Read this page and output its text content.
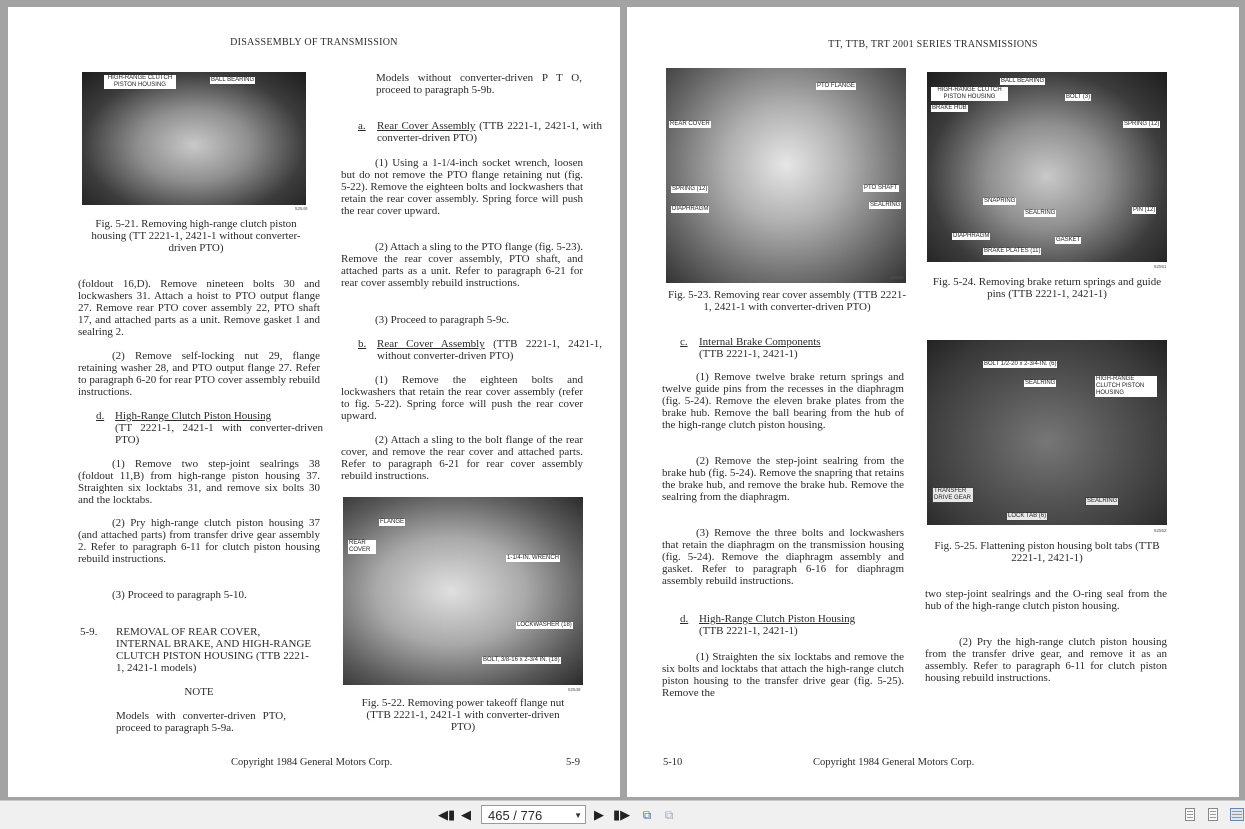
DISASSEMBLY OF TRANSMISSION
HIGH-RANGE CLUTCH PISTON HOUSING
BALL BEARING
52549
Fig. 5-21. Removing high-range clutch piston housing (TT 2221-1, 2421-1 without converter-driven PTO)
(foldout 16,D). Remove nineteen bolts 30 and lockwashers 31. Attach a hoist to PTO output flange 27. Remove rear PTO cover assembly 22, PTO shaft 17, and attached parts as a unit. Remove gasket 1 and sealring 2.
(2) Remove self-locking nut 29, flange retaining washer 28, and PTO output flange 27. Refer to paragraph 6-20 for rear PTO cover assembly rebuild instructions.
d. High-Range Clutch Piston Housing
(TT 2221-1, 2421-1 with converter-driven PTO)
(1) Remove two step-joint sealrings 38 (foldout 11,B) from high-range piston housing 37. Straighten six locktabs 31, and remove six bolts 30 and the locktabs.
(2) Pry high-range clutch piston housing 37 (and attached parts) from transfer drive gear assembly 2. Refer to paragraph 6-11 for clutch piston housing rebuild instructions.
(3) Proceed to paragraph 5-10.
5-9.	REMOVAL OF REAR COVER, INTERNAL BRAKE, AND HIGH-RANGE CLUTCH PISTON HOUSING (TTB 2221-1, 2421-1 models)
NOTE
Models with converter-driven PTO, proceed to paragraph 5-9a.
Models without converter-driven P T O, proceed to paragraph 5-9b.
a. Rear Cover Assembly (TTB 2221-1, 2421-1, with converter-driven PTO)
(1) Using a 1-1/4-inch socket wrench, loosen but do not remove the PTO flange retaining nut (fig. 5-22). Remove the eighteen bolts and lockwashers that retain the rear cover assembly. Spring force will push the rear cover upward.
(2) Attach a sling to the PTO flange (fig. 5-23). Remove the rear cover assembly, PTO shaft, and attached parts as a unit. Refer to paragraph 6-21 for rear cover assembly rebuild instructions.
(3) Proceed to paragraph 5-9c.
b. Rear Cover Assembly (TTB 2221-1, 2421-1, without converter-driven PTO)
(1) Remove the eighteen bolts and lockwashers that retain the rear cover assembly (refer to fig. 5-22). Spring force will push the rear cover upward.
(2) Attach a sling to the bolt flange of the rear cover, and remove the rear cover and attached parts. Refer to paragraph 6-21 for rear cover assembly rebuild instructions.
FLANGE
REAR COVER
1-1/4-IN. WRENCH
LOCKWASHER (18)
BOLT, 3/8-16 x 2-3/4 IN. (18)
52548
Fig. 5-22. Removing power takeoff flange nut (TTB 2221-1, 2421-1 with converter-driven PTO)
Copyright 1984 General Motors Corp.	5-9
TT, TTB, TRT 2001 SERIES TRANSMISSIONS
PTO FLANGE
REAR COVER
SPRING (12)
DIAPHRAGM
PTO SHAFT
SEALRING
52550
Fig. 5-23. Removing rear cover assembly (TTB 2221-1, 2421-1 with converter-driven PTO)
c. Internal Brake Components
(TTB 2221-1, 2421-1)
(1) Remove twelve brake return springs and twelve guide pins from the recesses in the diaphragm (fig. 5-24). Remove the eleven brake plates from the brake hub. Remove the ball bearing from the hub of the high-range clutch piston housing.
(2) Remove the step-joint sealring from the brake hub (fig. 5-24). Remove the snapring that retains the brake hub, and remove the brake hub. Remove the sealring from the diaphragm.
(3) Remove the three bolts and lockwashers that retain the diaphragm on the transmission housing (fig. 5-24). Remove the diaphragm assembly and gasket. Refer to paragraph 6-16 for diaphragm assembly rebuild instructions.
d. High-Range Clutch Piston Housing
(TTB 2221-1, 2421-1)
(1) Straighten the six locktabs and remove the six bolts and locktabs that attach the high-range clutch piston housing to the transfer drive gear (fig. 5-25). Remove the
BALL BEARING
HIGH-RANGE CLUTCH PISTON HOUSING
BRAKE HUB
BOLT (3)
SPRING (12)
SNAPRING
SEALRING	PIN (12)
DIAPHRAGM
GASKET
BRAKE PLATES (11)
52551
Fig. 5-24. Removing brake return springs and guide pins (TTB 2221-1, 2421-1)
BOLT 1/2-20 x 2-3/4-IN. (6)
SEALRING
HIGH-RANGE CLUTCH PISTON HOUSING
TRANSFER DRIVE GEAR	SEALRING
LOCK TAB (6)
52552
Fig. 5-25. Flattening piston housing bolt tabs (TTB 2221-1, 2421-1)
two step-joint sealrings and the O-ring seal from the hub of the high-range clutch piston housing.
(2) Pry the high-range clutch piston housing from the transfer drive gear, and remove it as an assembly. Refer to paragraph 6-11 for clutch piston housing rebuild instructions.
5-10	Copyright 1984 General Motors Corp.
◀▮ ◀	465 / 776	▼ ▶ ▮▶ ⧉ ⧉
